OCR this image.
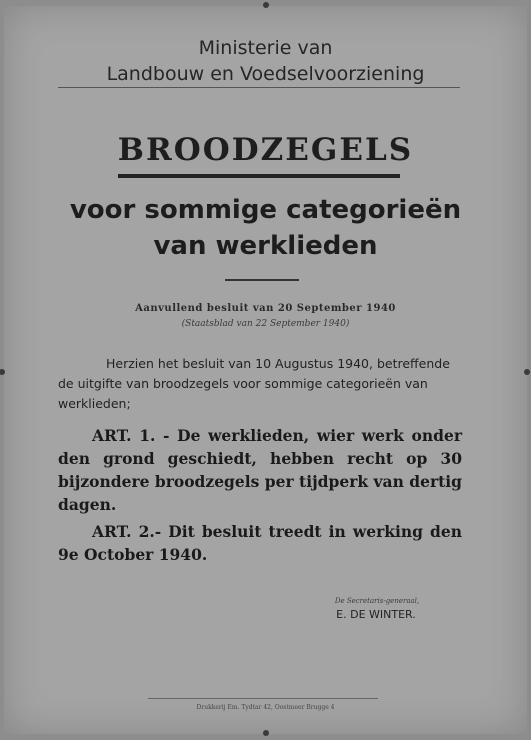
Ministerie van
Landbouw en Voedselvoorziening
BROODZEGELS
voor sommige categorieën
van werklieden
Aanvullend besluit van 20 September 1940
(Staatsblad van 22 September 1940)
Herzien het besluit van 10 Augustus 1940, betreffende de uitgifte van broodzegels voor sommige categorieën van werklieden;
ART. 1. - De werklieden, wier werk onder den grond geschiedt, hebben recht op 30 bijzondere broodzegels per tijdperk van dertig dagen.
ART. 2.- Dit besluit treedt in werking den 9e October 1940.
De Secretaris-generaal,
E. DE WINTER.
Drukkerij Em. Tydtar 42, Oostmeer Brugge 4
